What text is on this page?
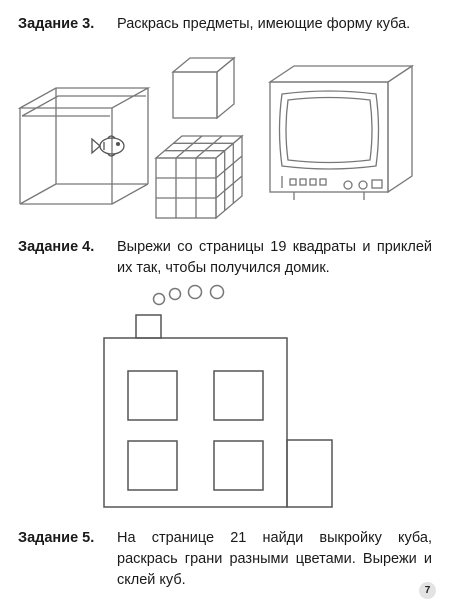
Задание 3. Раскрась предметы, имеющие форму куба.
Задание 4. Вырежи со страницы 19 квадраты и приклей их так, чтобы получился домик.
Задание 5. На странице 21 найди выкройку куба, раскрась грани разными цветами. Вырежи и склей куб.
7
